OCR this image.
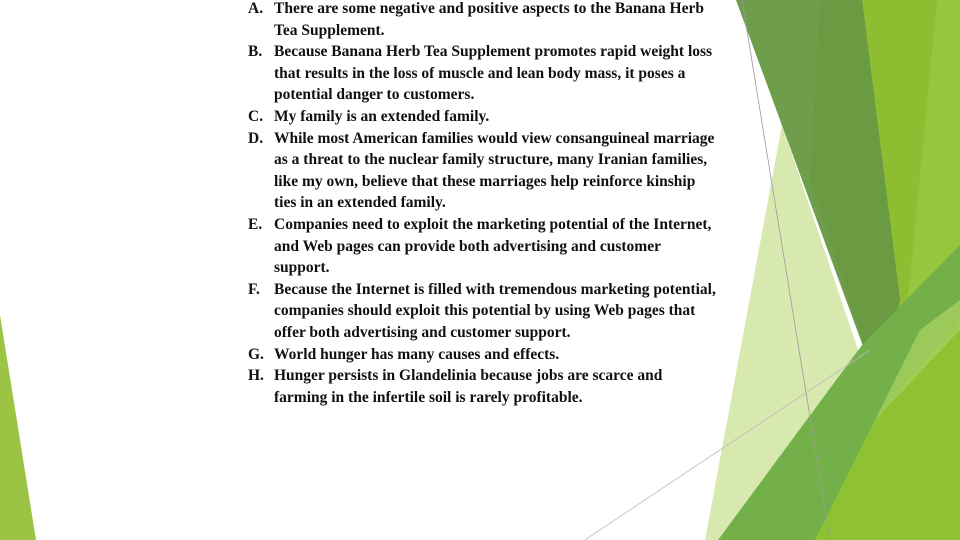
A. There are some negative and positive aspects to the Banana Herb Tea Supplement.
B. Because Banana Herb Tea Supplement promotes rapid weight loss that results in the loss of muscle and lean body mass, it poses a potential danger to customers.
C. My family is an extended family.
D. While most American families would view consanguineal marriage as a threat to the nuclear family structure, many Iranian families, like my own, believe that these marriages help reinforce kinship ties in an extended family.
E. Companies need to exploit the marketing potential of the Internet, and Web pages can provide both advertising and customer support.
F. Because the Internet is filled with tremendous marketing potential, companies should exploit this potential by using Web pages that offer both advertising and customer support.
G. World hunger has many causes and effects.
H. Hunger persists in Glandelinia because jobs are scarce and farming in the infertile soil is rarely profitable.
